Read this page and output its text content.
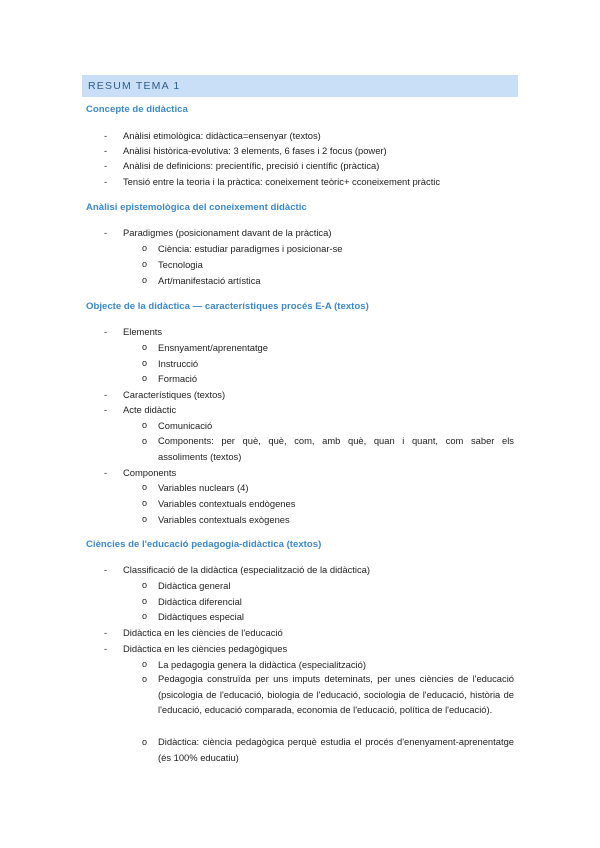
RESUM TEMA 1
Concepte de didàctica
- Anàlisi etimològica: didàctica=ensenyar (textos)
- Anàlisi històrica-evolutiva: 3 elements, 6 fases i 2 focus (power)
- Anàlisi de definicions: precientífic, precisió i científic (pràctica)
- Tensió entre la teoria i la pràctica: coneixement teòric+ cconeixement pràctic
Anàlisi epistemològica del coneixement didàctic
- Paradigmes (posicionament davant de la pràctica)
o Ciència: estudiar paradigmes i posicionar-se
o Tecnologia
o Art/manifestació artística
Objecte de la didàctica — característiques procés E-A (textos)
- Elements
o Ensnyament/aprenentatge
o Instrucció
o Formació
- Característiques (textos)
- Acte didàctic
o Comunicació
o Components: per què, què, com, amb què, quan i quant, com saber els
assoliments (textos)
- Components
o Variables nuclears (4)
o Variables contextuals endògenes
o Variables contextuals exògenes
Ciències de l'educació pedagogia-didàctica (textos)
- Classificació de la didàctica (especialització de la didàctica)
o Didàctica general
o Didàctica diferencial
o Didàctiques especial
- Didàctica en les ciències de l'educació
- Didàctica en les ciències pedagògiques
o La pedagogia genera la didàctica (especialització)
o Pedagogia construïda per uns imputs deteminats, per unes ciències de l'educació (psicologia de l'educació, biologia de l'educació, sociologia de l'educació, història de l'educació, educació comparada, economia de l'educació, política de l'educació).
o Didàctica: ciència pedagògica perquè estudia el procés d'enenyament-aprenentatge (és 100% educatiu)
